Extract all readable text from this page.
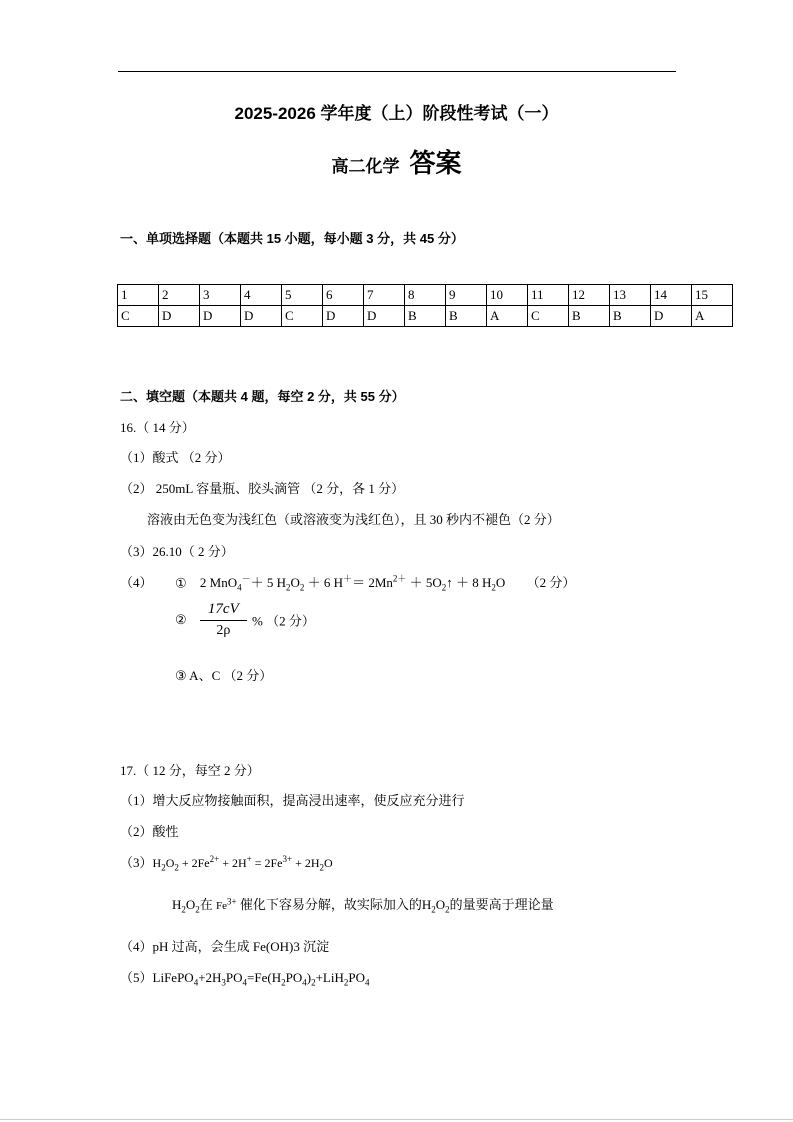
2025-2026 学年度（上）阶段性考试（一）
高二化学 答案
一、单项选择题（本题共 15 小题，每小题 3 分，共 45 分）
1	2	3	4	5	6	7	8	9	10	11	12	13	14	15
C	D	D	D	C	D	D	B	B	A	C	B	B	D	A
二、填空题（本题共 4 题，每空 2 分，共 55 分）
16.（ 14 分）
（1）酸式 （2 分）
（2） 250mL 容量瓶、胶头滴管 （2 分，各 1 分）
溶液由无色变为浅红色（或溶液变为浅红色），且 30 秒内不褪色（2 分）
（3）26.10（ 2 分）
（4） ① 2 MnO$_4$－＋ 5 $H_2O_2 + 6$ $H^+= 2Mn^{2+}$ ＋ $5O_2↑ + 8$ $H_2O$ （2 分）
② $\frac{17cV}{2\rho}$ % （2 分）
③ A、C （2 分）
17.（ 12 分，每空 2 分）
（1）增大反应物接触面积，提高浸出速率，使反应充分进行
（2）酸性
$(3)H_2O_2 + 2Fe^{2+} + 2H^+ = 2Fe^{3+} + 2H_2O$
$H_2O_2$在 $Fe^{3+}$ 催化下容易分解，故实际加入的$H_2O_2$的量要高于理论量
（4）pH 过高，会生成 Fe(OH)3 沉淀
$(5)LiFePO_4+2H_3PO_4=Fe(H_2PO_4)_2+LiH_2PO_4$
